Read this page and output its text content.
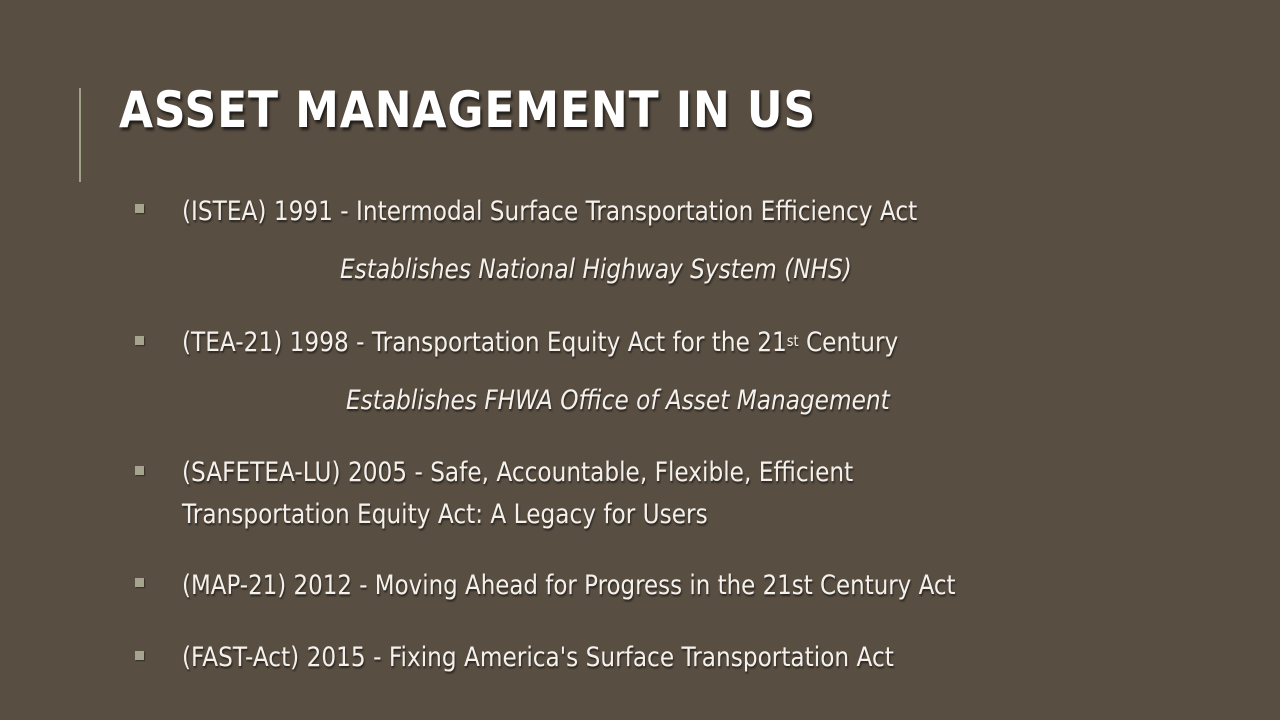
ASSET MANAGEMENT IN US

(ISTEA) 1991 - Intermodal Surface Transportation Efficiency Act

Establishes National Highway System (NHS)

(TEA-21) 1998 - Transportation Equity Act for the 21st Century

Establishes FHWA Office of Asset Management

(SAFETEA-LU) 2005 - Safe, Accountable, Flexible, Efficient

Transportation Equity Act: A Legacy for Users

(MAP-21) 2012 - Moving Ahead for Progress in the 21st Century Act

(FAST-Act) 2015 - Fixing America's Surface Transportation Act
